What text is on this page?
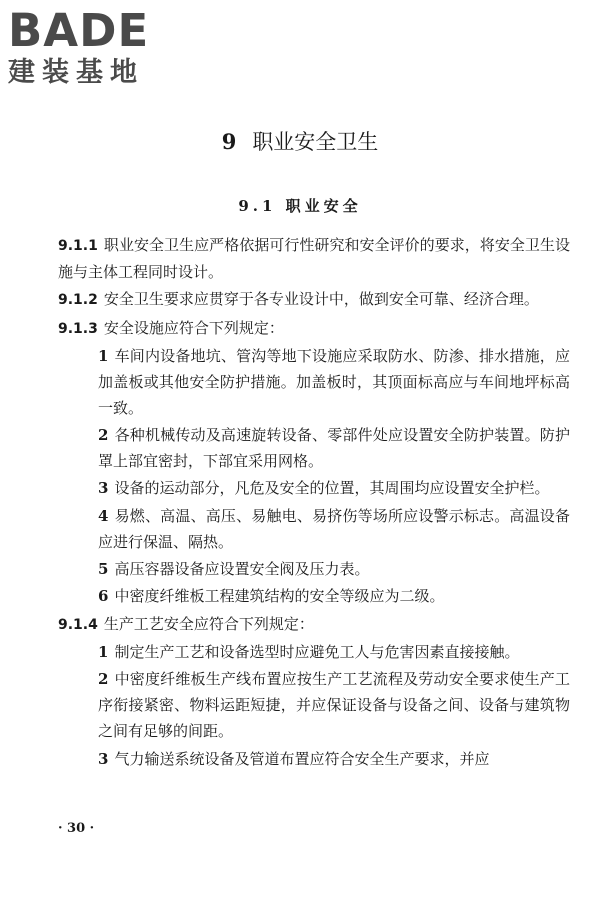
BADE
建装基地
9 职业安全卫生
9.1 职业安全

9.1.1 职业安全卫生应严格依据可行性研究和安全评价的要求，将安全卫生设施与主体工程同时设计。

9.1.2 安全卫生要求应贯穿于各专业设计中，做到安全可靠、经济合理。

9.1.3 安全设施应符合下列规定：

1 车间内设备地坑、管沟等地下设施应采取防水、防渗、排水措施，应加盖板或其他安全防护措施。加盖板时，其顶面标高应与车间地坪标高一致。

2 各种机械传动及高速旋转设备、零部件处应设置安全防护装置。防护罩上部宜密封，下部宜采用网格。

3 设备的运动部分，凡危及安全的位置，其周围均应设置安全护栏。

4 易燃、高温、高压、易触电、易挤伤等场所应设警示标志。高温设备应进行保温、隔热。

5 高压容器设备应设置安全阀及压力表。

6 中密度纤维板工程建筑结构的安全等级应为二级。

9.1.4 生产工艺安全应符合下列规定：

1 制定生产工艺和设备选型时应避免工人与危害因素直接接触。

2 中密度纤维板生产线布置应按生产工艺流程及劳动安全要求使生产工序衔接紧密、物料运距短捷，并应保证设备与设备之间、设备与建筑物之间有足够的间距。

3 气力输送系统设备及管道布置应符合安全生产要求，并应

· 30 ·
